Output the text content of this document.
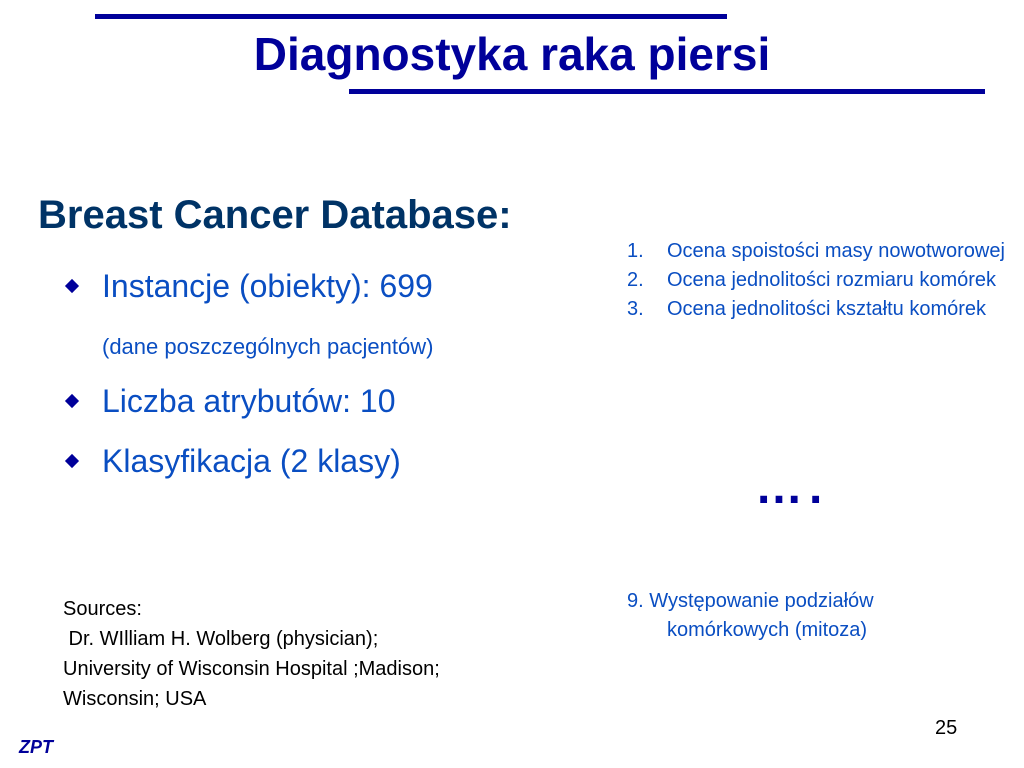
Diagnostyka raka piersi
Breast Cancer Database:
Instancje (obiekty): 699
(dane poszczególnych pacjentów)
Liczba atrybutów: 10
Klasyfikacja (2 klasy)
1.	Ocena spoistości masy nowotworowej
2.	Ocena jednolitości rozmiaru komórek
3.	Ocena jednolitości kształtu komórek
….
9. Występowanie podziałów
komórkowych (mitoza)
Sources:
Dr. WIlliam H. Wolberg (physician);
University of Wisconsin Hospital ;Madison;
Wisconsin; USA
25
ZPT
